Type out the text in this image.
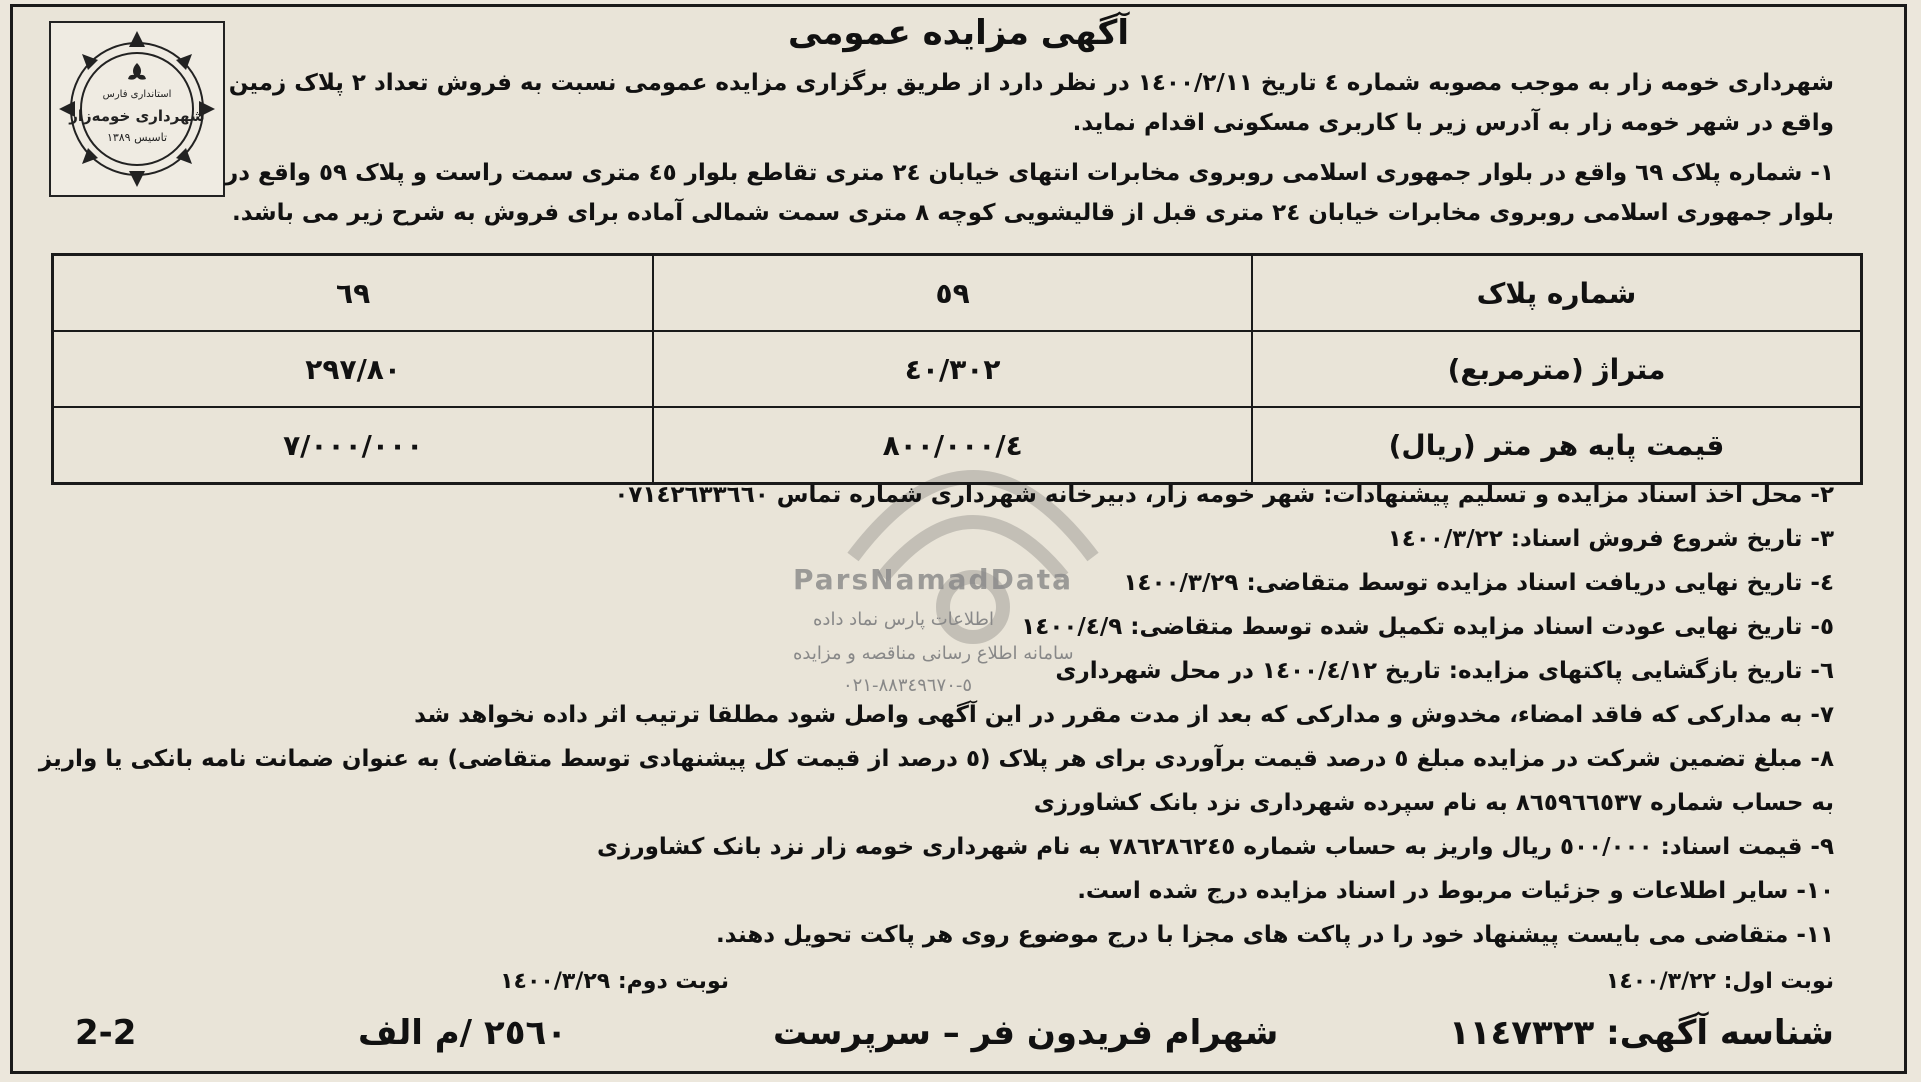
استانداری فارس
شهرداری خومه‌زار
تاسیس ۱۳۸۹
آگهی مزایده عمومی
شهرداری خومه زار به موجب مصوبه شماره ٤ تاریخ ۱٤۰۰/۲/۱۱ در نظر دارد از طریق برگزاری مزایده عمومی نسبت به فروش تعداد ۲ پلاک زمین واقع در شهر خومه زار به آدرس زیر با کاربری مسکونی اقدام نماید.
۱- شماره پلاک ٦۹ واقع در بلوار جمهوری اسلامی روبروی مخابرات انتهای خیابان ۲٤ متری تقاطع بلوار ٤٥ متری سمت راست و پلاک ٥۹ واقع در بلوار جمهوری اسلامی روبروی مخابرات خیابان ۲٤ متری قبل از قالیشویی کوچه ۸ متری سمت شمالی آماده برای فروش به شرح زیر می باشد.
ParsNamadData
شماره پلاک	٥۹	٦۹
متراژ (مترمربع)	۳۰۲/٤۰	۲۹۷/۸۰
قیمت پایه هر متر (ریال)	٤/۸۰۰/۰۰۰	۷/۰۰۰/۰۰۰
۲- محل اخذ اسناد مزایده و تسلیم پیشنهادات: شهر خومه زار، دبیرخانه شهرداری شماره تماس ۰۷۱٤۲٦۳۳٦٦۰
۳- تاریخ شروع فروش اسناد: ۱٤۰۰/۳/۲۲
٤- تاریخ نهایی دریافت اسناد مزایده توسط متقاضی: ۱٤۰۰/۳/۲۹
٥- تاریخ نهایی عودت اسناد مزایده تکمیل شده توسط متقاضی: ۱٤۰۰/٤/۹
٦- تاریخ بازگشایی پاکتهای مزایده: تاریخ ۱٤۰۰/٤/۱۲ در محل شهرداری
۷- به مدارکی که فاقد امضاء، مخدوش و مدارکی که بعد از مدت مقرر در این آگهی واصل شود مطلقا ترتیب اثر داده نخواهد شد
۸- مبلغ تضمین شرکت در مزایده مبلغ ٥ درصد قیمت برآوردی برای هر پلاک (٥ درصد از قیمت کل پیشنهادی توسط متقاضی) به عنوان ضمانت نامه بانکی یا واریز به حساب شماره ۸٦٥۹٦٦٥۳۷ به نام سپرده شهرداری نزد بانک کشاورزی
۹- قیمت اسناد: ٥۰۰/۰۰۰ ریال واریز به حساب شماره ۷۸٦۲۸٦۲٤٥ به نام شهرداری خومه زار نزد بانک کشاورزی
۱۰- سایر اطلاعات و جزئیات مربوط در اسناد مزایده درج شده است.
۱۱- متقاضی می بایست پیشنهاد خود را در پاکت های مجزا با درج موضوع روی هر پاکت تحویل دهند.
اطلاعات پارس نماد داده
سامانه اطلاع رسانی مناقصه و مزایده
۰۲۱-۸۸۳٤۹٦۷۰-٥
نوبت اول: ۱٤۰۰/۳/۲۲
نوبت دوم: ۱٤۰۰/۳/۲۹
شناسه آگهی: ۱۱٤۷۳۲۳
شهرام فریدون فر – سرپرست
۲٥٦۰ /م الف
2-2
